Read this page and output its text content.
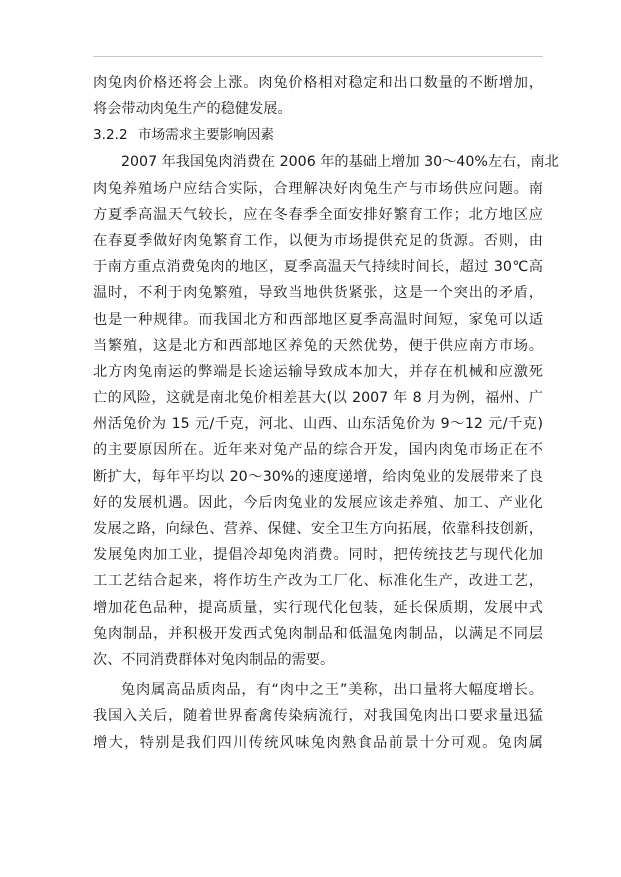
肉兔肉价格还将会上涨。肉兔价格相对稳定和出口数量的不断增加，
将会带动肉兔生产的稳健发展。
3.2.2 市场需求主要影响因素
2007 年我国兔肉消费在 2006 年的基础上增加 30～40%左右，南北
肉兔养殖场户应结合实际，合理解决好肉兔生产与市场供应问题。南
方夏季高温天气较长，应在冬春季全面安排好繁育工作；北方地区应
在春夏季做好肉兔繁育工作，以便为市场提供充足的货源。否则，由
于南方重点消费兔肉的地区，夏季高温天气持续时间长，超过 30℃高
温时，不利于肉兔繁殖，导致当地供货紧张，这是一个突出的矛盾，
也是一种规律。而我国北方和西部地区夏季高温时间短，家兔可以适
当繁殖，这是北方和西部地区养兔的天然优势，便于供应南方市场。
北方肉兔南运的弊端是长途运输导致成本加大，并存在机械和应激死
亡的风险，这就是南北兔价相差甚大(以 2007 年 8 月为例，福州、广
州活兔价为 15 元/千克，河北、山西、山东活兔价为 9～12 元/千克)
的主要原因所在。近年来对兔产品的综合开发，国内肉兔市场正在不
断扩大，每年平均以 20～30%的速度递增，给肉兔业的发展带来了良
好的发展机遇。因此，今后肉兔业的发展应该走养殖、加工、产业化
发展之路，向绿色、营养、保健、安全卫生方向拓展，依靠科技创新，
发展兔肉加工业，提倡冷却兔肉消费。同时，把传统技艺与现代化加
工工艺结合起来，将作坊生产改为工厂化、标准化生产，改进工艺，
增加花色品种，提高质量，实行现代化包装，延长保质期，发展中式
兔肉制品，并积极开发西式兔肉制品和低温兔肉制品，以满足不同层
次、不同消费群体对兔肉制品的需要。
兔肉属高品质肉品，有“肉中之王”美称，出口量将大幅度增长。
我国入关后，随着世界畜禽传染病流行，对我国兔肉出口要求量迅猛
增大，特别是我们四川传统风味兔肉熟食品前景十分可观。兔肉属
